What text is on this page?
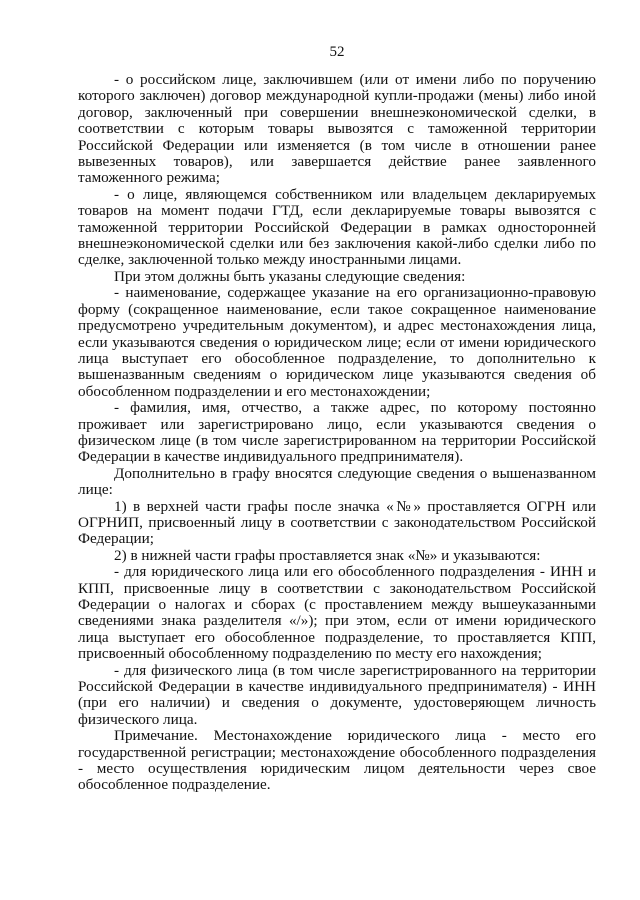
52

- о российском лице, заключившем (или от имени либо по поручению которого заключен) договор международной купли-продажи (мены) либо иной договор, заключенный при совершении внешнеэкономической сделки, в соответствии с которым товары вывозятся с таможенной территории Российской Федерации или изменяется (в том числе в отношении ранее вывезенных товаров), или завершается действие ранее заявленного таможенного режима;

- о лице, являющемся собственником или владельцем декларируемых товаров на момент подачи ГТД, если декларируемые товары вывозятся с таможенной территории Российской Федерации в рамках односторонней внешнеэкономической сделки или без заключения какой-либо сделки либо по сделке, заключенной только между иностранными лицами.

При этом должны быть указаны следующие сведения:

- наименование, содержащее указание на его организационно-правовую форму (сокращенное наименование, если такое сокращенное наименование предусмотрено учредительным документом), и адрес местонахождения лица, если указываются сведения о юридическом лице; если от имени юридического лица выступает его обособленное подразделение, то дополнительно к вышеназванным сведениям о юридическом лице указываются сведения об обособленном подразделении и его местонахождении;

- фамилия, имя, отчество, а также адрес, по которому постоянно проживает или зарегистрировано лицо, если указываются сведения о физическом лице (в том числе зарегистрированном на территории Российской Федерации в качестве индивидуального предпринимателя).

Дополнительно в графу вносятся следующие сведения о вышеназванном лице:

1) в верхней части графы после значка «№» проставляется ОГРН или ОГРНИП, присвоенный лицу в соответствии с законодательством Российской Федерации;

2) в нижней части графы проставляется знак «№» и указываются:

- для юридического лица или его обособленного подразделения - ИНН и КПП, присвоенные лицу в соответствии с законодательством Российской Федерации о налогах и сборах (с проставлением между вышеуказанными сведениями знака разделителя «/»); при этом, если от имени юридического лица выступает его обособленное подразделение, то проставляется КПП, присвоенный обособленному подразделению по месту его нахождения;

- для физического лица (в том числе зарегистрированного на территории Российской Федерации в качестве индивидуального предпринимателя) - ИНН (при его наличии) и сведения о документе, удостоверяющем личность физического лица.

Примечание. Местонахождение юридического лица - место его государственной регистрации; местонахождение обособленного подразделения - место осуществления юридическим лицом деятельности через свое обособленное подразделение.
